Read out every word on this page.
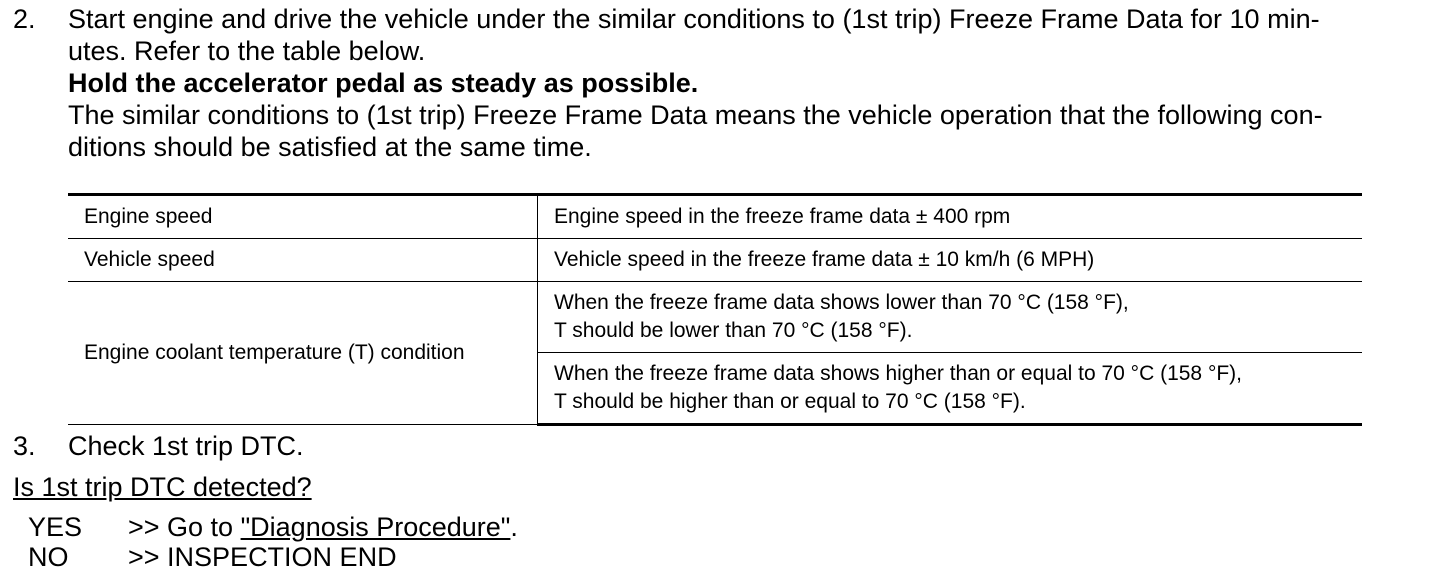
2. Start engine and drive the vehicle under the similar conditions to (1st trip) Freeze Frame Data for 10 min-
utes. Refer to the table below.
Hold the accelerator pedal as steady as possible.
The similar conditions to (1st trip) Freeze Frame Data means the vehicle operation that the following con-
ditions should be satisfied at the same time.
Engine speed	Engine speed in the freeze frame data ± 400 rpm
Vehicle speed	Vehicle speed in the freeze frame data ± 10 km/h (6 MPH)
Engine coolant temperature (T) condition	When the freeze frame data shows lower than 70 °C (158 °F),
T should be lower than 70 °C (158 °F).

	When the freeze frame data shows higher than or equal to 70 °C (158 °F),
T should be higher than or equal to 70 °C (158 °F).
3. Check 1st trip DTC.
Is 1st trip DTC detected?
YES >> Go to "Diagnosis Procedure".
NO >> INSPECTION END
